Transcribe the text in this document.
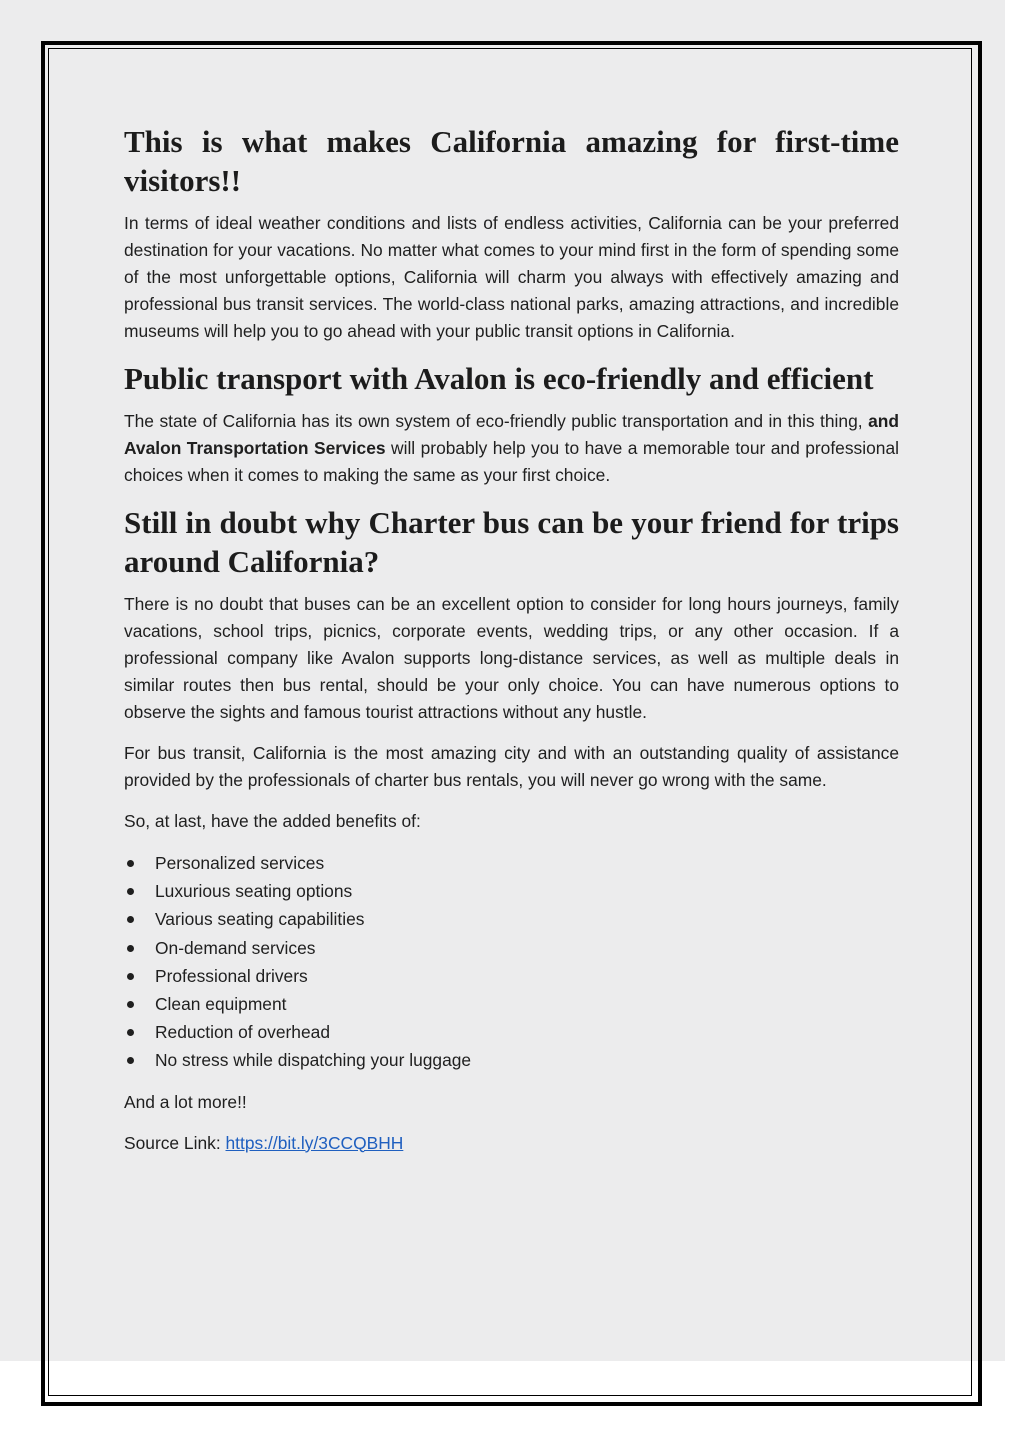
This is what makes California amazing for first-time visitors!!

In terms of ideal weather conditions and lists of endless activities, California can be your preferred destination for your vacations. No matter what comes to your mind first in the form of spending some of the most unforgettable options, California will charm you always with effectively amazing and professional bus transit services. The world-class national parks, amazing attractions, and incredible museums will help you to go ahead with your public transit options in California.

Public transport with Avalon is eco-friendly and efficient

The state of California has its own system of eco-friendly public transportation and in this thing, and Avalon Transportation Services will probably help you to have a memorable tour and professional choices when it comes to making the same as your first choice.

Still in doubt why Charter bus can be your friend for trips around California?

There is no doubt that buses can be an excellent option to consider for long hours journeys, family vacations, school trips, picnics, corporate events, wedding trips, or any other occasion. If a professional company like Avalon supports long-distance services, as well as multiple deals in similar routes then bus rental, should be your only choice. You can have numerous options to observe the sights and famous tourist attractions without any hustle.

For bus transit, California is the most amazing city and with an outstanding quality of assistance provided by the professionals of charter bus rentals, you will never go wrong with the same.

So, at last, have the added benefits of:

Personalized services
Luxurious seating options
Various seating capabilities
On-demand services
Professional drivers
Clean equipment
Reduction of overhead
No stress while dispatching your luggage

And a lot more!!

Source Link: https://bit.ly/3CCQBHH
